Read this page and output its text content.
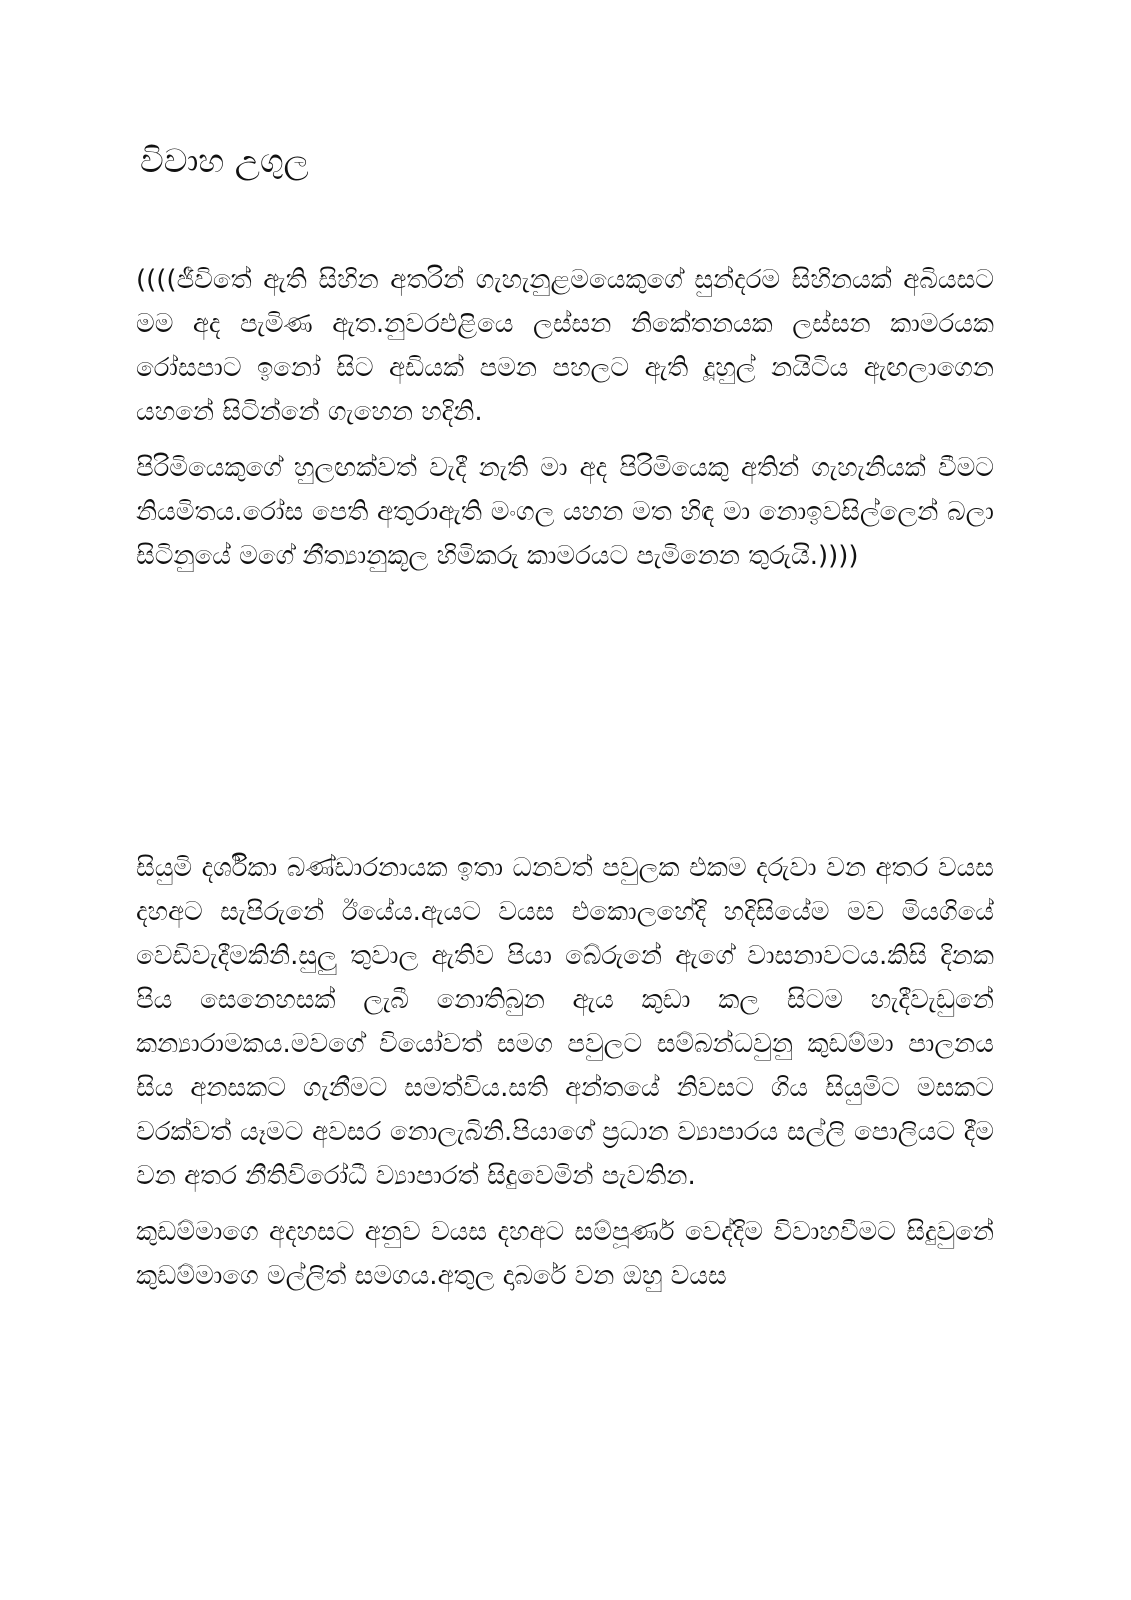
විවාහ උගුල

((((ජීවිතේ ඇති සිහින අතරින් ගැහැනුළමයෙකුගේ සුන්දරම සිහිනයක් අබියසට මම අද පැමිණ ඇත.නුවරඑළියෙ ලස්සන නිකේතනයක ලස්සන කාමරයක රෝසපාට ඉනෝ සිට අඩියක් පමන පහලට ඇති දූහුල් නයිටිය ඇඟලාගෙන යහනේ සිටින්නේ ගැහෙන හදිනි.

පිරිමියෙකුගේ හුලඟක්වත් වැදී නැති මා අද පිරිමියෙකු අතින් ගැහැනියක් වීමට නියමිතය.රෝස පෙති අතුරාඇති මංගල යහන මත හිඳ මා නොඉවසිල්ලෙන් බලා සිටිනුයේ මගේ නීත්‍යානුකූල හිමිකරු කාමරයට පැමිනෙන තුරුයි.))))

සියුමි දර්ශිකා බණ්ඩාරනායක ඉතා ධනවත් පවුලක එකම දරුවා වන අතර වයස දහඅට සැපිරුනේ ඊයේය.ඇයට වයස එකොලහේදි හදිසියේම මව මියගියේ වෙඩිවැදීමකිනි.සුලු තුවාල ඇතිව පියා බේරුනේ ඇගේ වාසනාවටය.කිසි දිනක පිය සෙනෙහසක් ලැබී නොතිබුන ඇය කුඩා කල සිටම හැදීවැඩුනේ කන්‍යාරාමකය.මවගේ වියෝවත් සමග පවුලට සම්බන්ධවුනු කුඩම්මා පාලනය සිය අනසකට ගැනීමට සමත්විය.සති අන්තයේ නිවසට ගිය සියුමිට මසකට වරක්වත් යෑමට අවසර නොලැබිනි.පියාගේ ප්‍රධාන ව්‍යාපාරය සල්ලි පොලියට දීම වන අතර නීතිවිරෝධී ව්‍යාපාරත් සිදුවෙමින් පැවතින.

කුඩම්මාගෙ අදහසට අනුව වයස දහඅට සම්පූර්ණ වෙද්දිම විවාහවීමට සිදුවුනේ කුඩම්මාගෙ මල්ලිත් සමගය.අතුල දාබරේ වන ඔහු වයස
